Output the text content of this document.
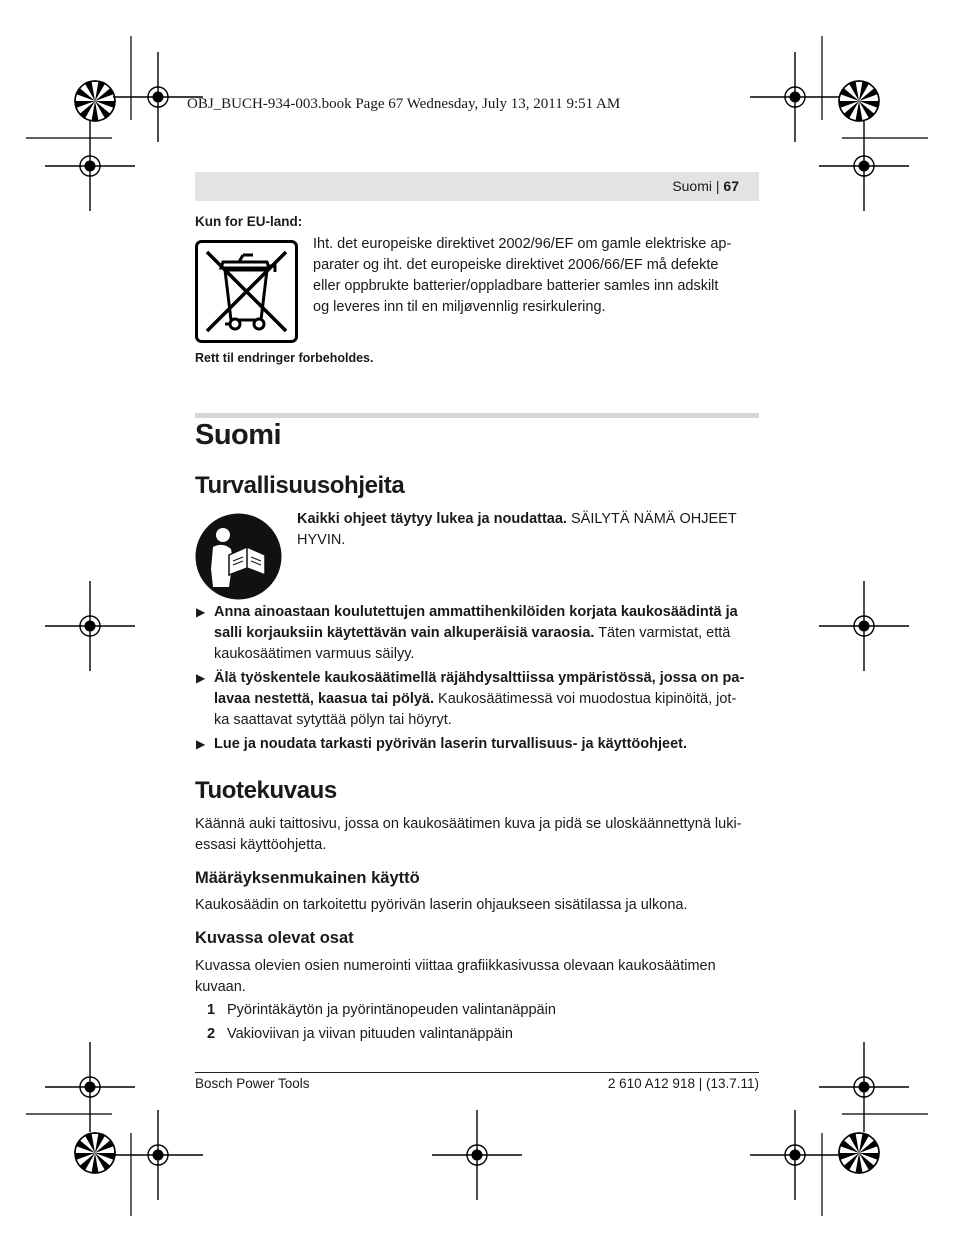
OBJ_BUCH-934-003.book Page 67 Wednesday, July 13, 2011 9:51 AM
Suomi | 67
Kun for EU-land:
Iht. det europeiske direktivet 2002/96/EF om gamle elektriske ap-
parater og iht. det europeiske direktivet 2006/66/EF må defekte
eller oppbrukte batterier/oppladbare batterier samles inn adskilt
og leveres inn til en miljøvennlig resirkulering.
Rett til endringer forbeholdes.
Suomi
Turvallisuusohjeita
Kaikki ohjeet täytyy lukea ja noudattaa. SÄILYTÄ NÄMÄ OHJEET
HYVIN.
▶ Anna ainoastaan koulutettujen ammattihenkilöiden korjata kaukosäädintä ja
salli korjauksiin käytettävän vain alkuperäisiä varaosia. Täten varmistat, että
kaukosäätimen varmuus säilyy.
▶ Älä työskentele kaukosäätimellä räjähdysalttiissa ympäristössä, jossa on pa-
lavaa nestettä, kaasua tai pölyä. Kaukosäätimessä voi muodostua kipinöitä, jot-
ka saattavat sytyttää pölyn tai höyryt.
▶ Lue ja noudata tarkasti pyörivän laserin turvallisuus- ja käyttöohjeet.
Tuotekuvaus
Käännä auki taittosivu, jossa on kaukosäätimen kuva ja pidä se uloskäännettynä luki-
essasi käyttöohjetta.
Määräyksenmukainen käyttö
Kaukosäädin on tarkoitettu pyörivän laserin ohjaukseen sisätilassa ja ulkona.
Kuvassa olevat osat
Kuvassa olevien osien numerointi viittaa grafiikkasivussa olevaan kaukosäätimen
kuvaan.
1 Pyörintäkäytön ja pyörintänopeuden valintanäppäin
2 Vakioviivan ja viivan pituuden valintanäppäin
Bosch Power Tools	2 610 A12 918 | (13.7.11)
